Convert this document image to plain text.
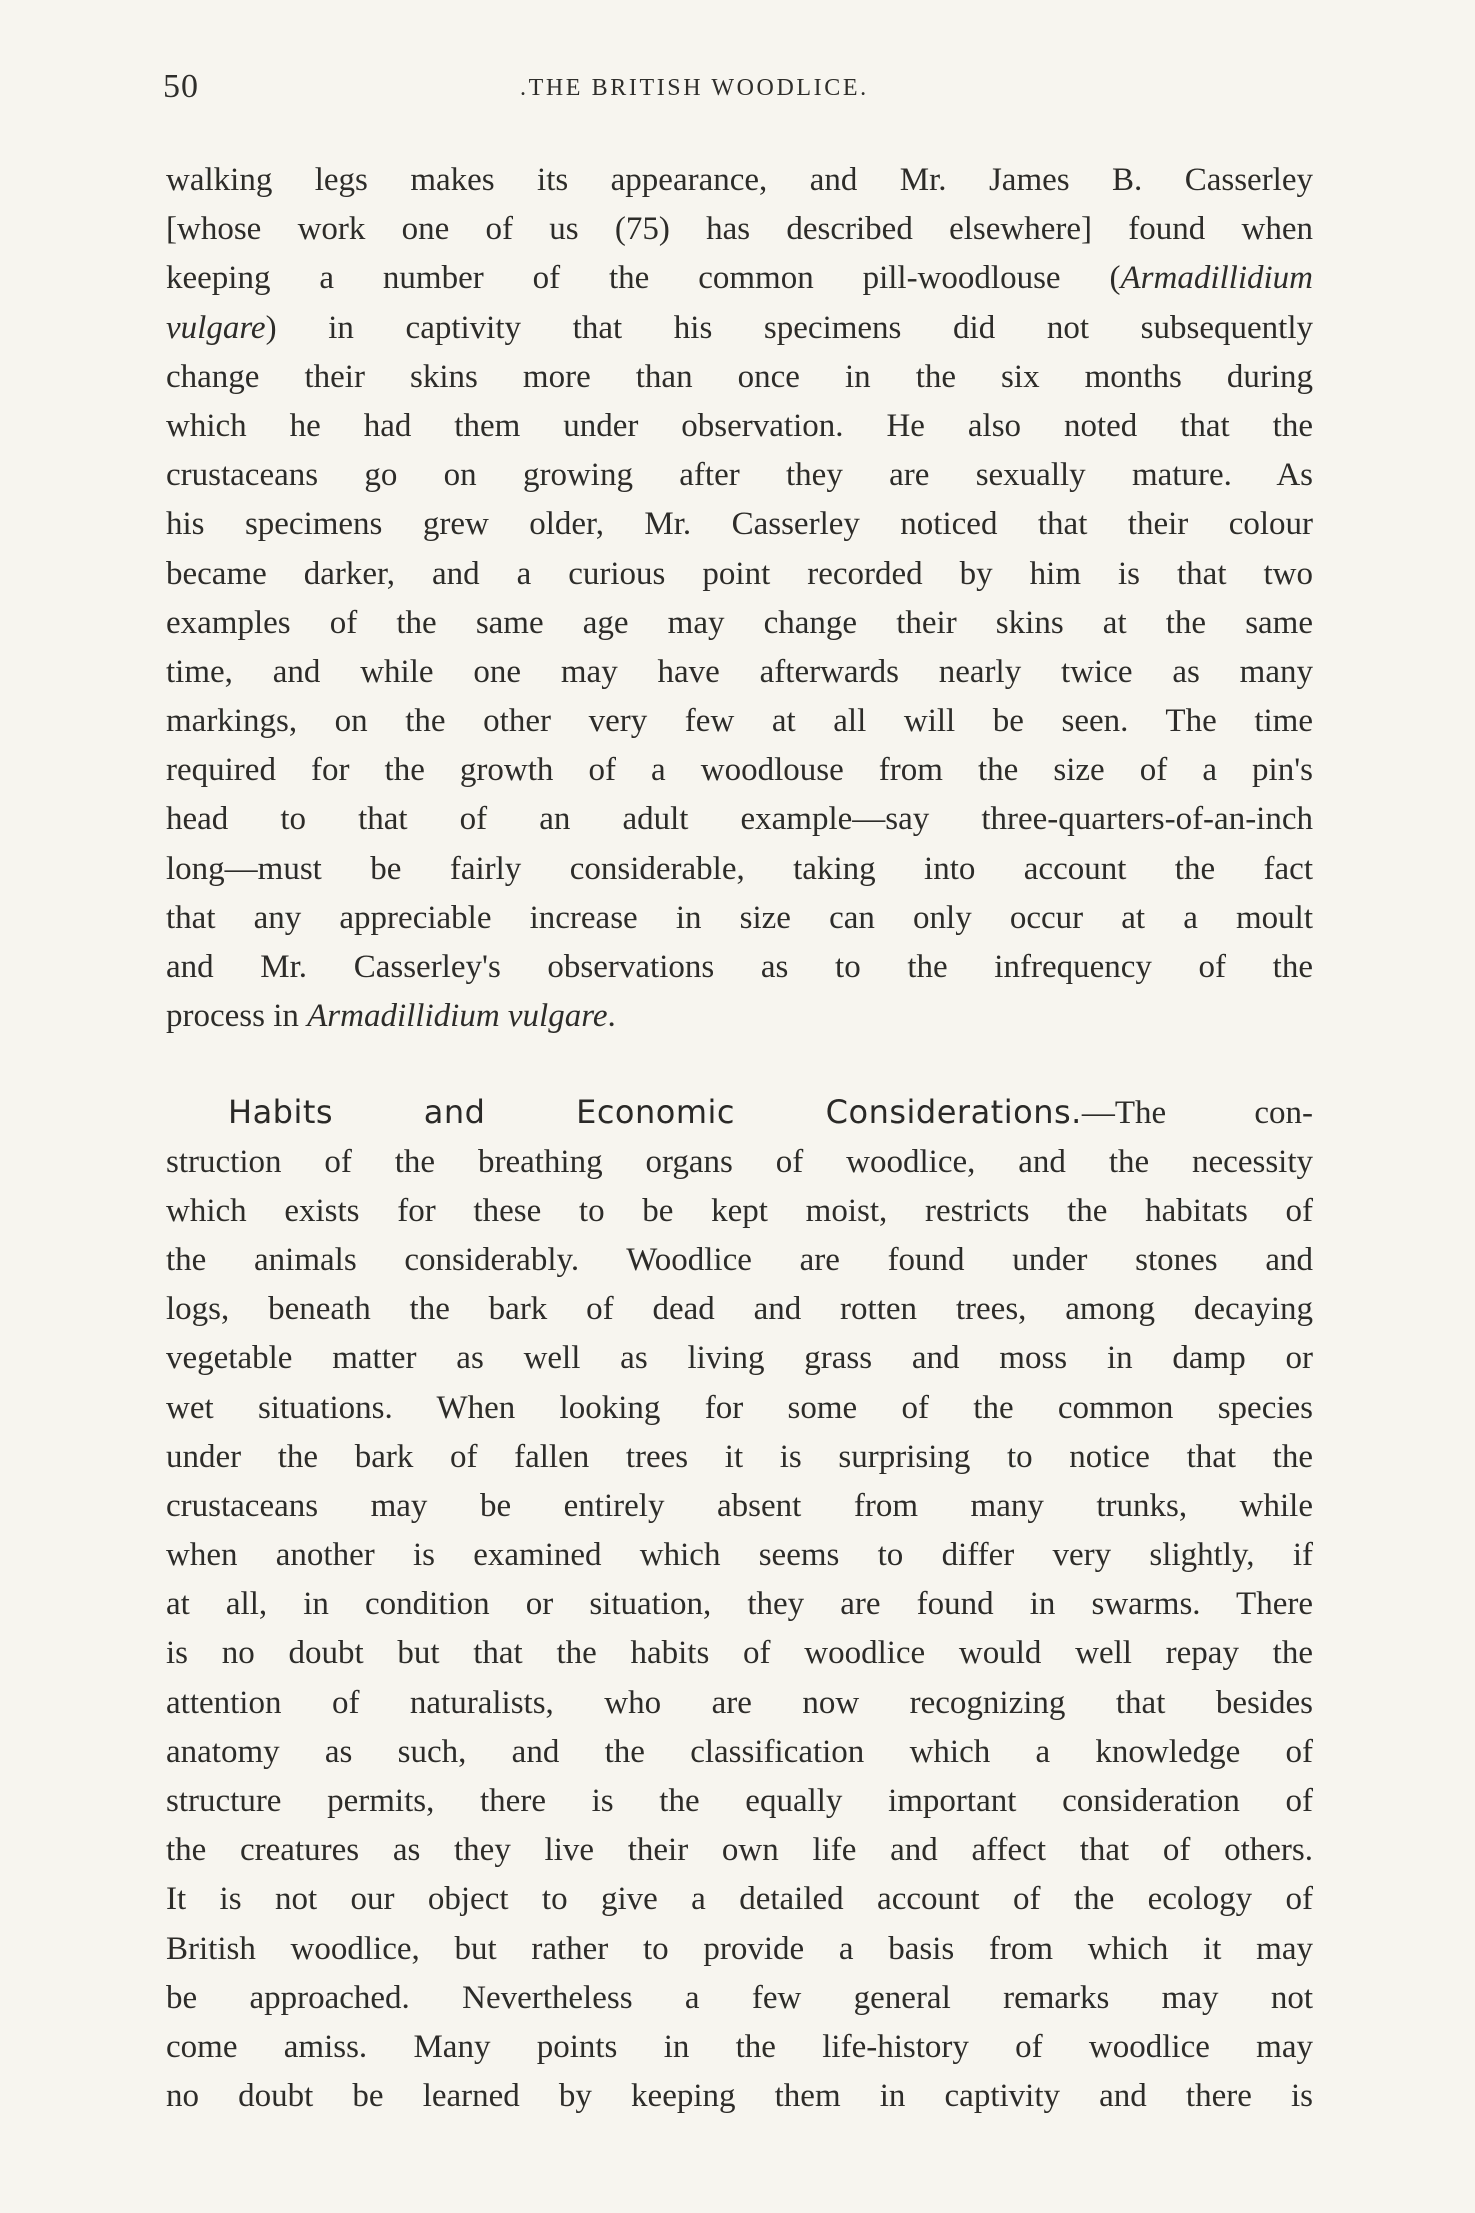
50	.THE BRITISH WOODLICE.
walking legs makes its appearance, and Mr. James B. Casserley
[whose work one of us (75) has described elsewhere] found when
keeping a number of the common pill-woodlouse (Armadillidium
vulgare) in captivity that his specimens did not subsequently
change their skins more than once in the six months during
which he had them under observation. He also noted that the
crustaceans go on growing after they are sexually mature. As
his specimens grew older, Mr. Casserley noticed that their colour
became darker, and a curious point recorded by him is that two
examples of the same age may change their skins at the same
time, and while one may have afterwards nearly twice as many
markings, on the other very few at all will be seen. The time
required for the growth of a woodlouse from the size of a pin's
head to that of an adult example—say three-quarters-of-an-inch
long—must be fairly considerable, taking into account the fact
that any appreciable increase in size can only occur at a moult
and Mr. Casserley's observations as to the infrequency of the
process in Armadillidium vulgare.
Habits and Economic Considerations.—The con-
struction of the breathing organs of woodlice, and the necessity
which exists for these to be kept moist, restricts the habitats of
the animals considerably. Woodlice are found under stones and
logs, beneath the bark of dead and rotten trees, among decaying
vegetable matter as well as living grass and moss in damp or
wet situations. When looking for some of the common species
under the bark of fallen trees it is surprising to notice that the
crustaceans may be entirely absent from many trunks, while
when another is examined which seems to differ very slightly, if
at all, in condition or situation, they are found in swarms. There
is no doubt but that the habits of woodlice would well repay the
attention of naturalists, who are now recognizing that besides
anatomy as such, and the classification which a knowledge of
structure permits, there is the equally important consideration of
the creatures as they live their own life and affect that of others.
It is not our object to give a detailed account of the ecology of
British woodlice, but rather to provide a basis from which it may
be approached. Nevertheless a few general remarks may not
come amiss. Many points in the life-history of woodlice may
no doubt be learned by keeping them in captivity and there is
